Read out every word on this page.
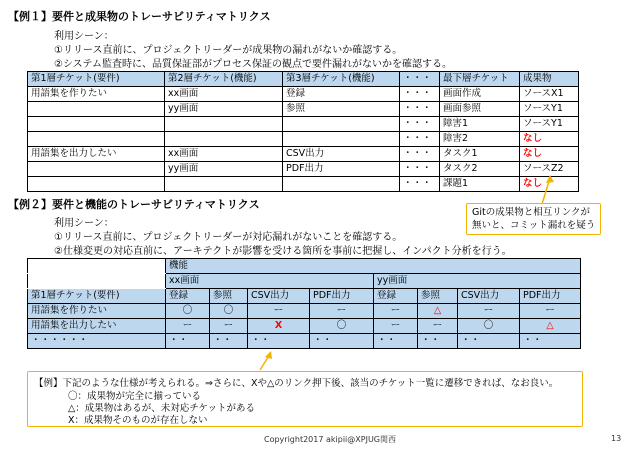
【例１】要件と成果物のトレーサビリティマトリクス
利用シーン：
①リリース直前に、プロジェクトリーダーが成果物の漏れがないか確認する。
②システム監査時に、品質保証部がプロセス保証の観点で要件漏れがないかを確認する。
第1層チケット(要件)	第2層チケット(機能)	第3層チケット(機能)	・・・	最下層チケット	成果物
用語集を作りたい	xx画面	登録	・・・	画面作成	ソースX1
	yy画面	参照	・・・	画面参照	ソースY1
			・・・	障害1	ソースY1
			・・・	障害2	なし
用語集を出力したい	xx画面	CSV出力	・・・	タスク1	なし
	yy画面	PDF出力	・・・	タスク2	ソースZ2
			・・・	課題1	なし
Gitの成果物と相互リンクが
無いと、コミット漏れを疑う
【例２】要件と機能のトレーサビリティマトリクス
利用シーン：
①リリース直前に、プロジェクトリーダーが対応漏れがないことを確認する。
②仕様変更の対応直前に、アーキテクトが影響を受ける箇所を事前に把握し、インパクト分析を行う。
	機能							
	xx画面				yy画面			
第1層チケット(要件)	登録	参照	CSV出力	PDF出力	登録	参照	CSV出力	PDF出力
用語集を作りたい	〇	〇	ー	ー	ー	△	ー	ー
用語集を出力したい	ー	ー	X	〇	ー	ー	〇	△
・・・・・・	・・	・・	・・	・・	・・	・・	・・	・・
【例】下記のような仕様が考えられる。⇒さらに、Xや△のリンク押下後、該当のチケット一覧に遷移できれば、なお良い。
〇：成果物が完全に揃っている
△：成果物はあるが、未対応チケットがある
X：成果物そのものが存在しない
Copyright2017 akipii@XPJUG関西	13
